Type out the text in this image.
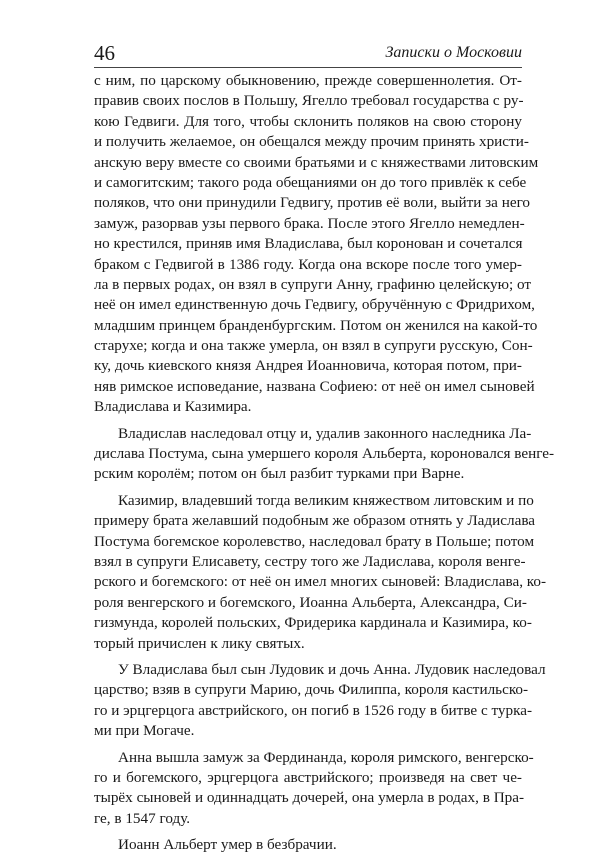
46	Записки о Московии
с ним, по царскому обыкновению, прежде совершеннолетия. От-
правив своих послов в Польшу, Ягелло требовал государства с ру-
кою Гедвиги. Для того, чтобы склонить поляков на свою сторону
и получить желаемое, он обещался между прочим принять христи-
анскую веру вместе со своими братьями и с княжествами литовским
и самогитским; такого рода обещаниями он до того привлёк к себе
поляков, что они принудили Гедвигу, против её воли, выйти за него
замуж, разорвав узы первого брака. После этого Ягелло немедлен-
но крестился, приняв имя Владислава, был коронован и сочетался
браком с Гедвигой в 1386 году. Когда она вскоре после того умер-
ла в первых родах, он взял в супруги Анну, графиню целейскую; от
неё он имел единственную дочь Гедвигу, обручённую с Фридрихом,
младшим принцем бранденбургским. Потом он женился на какой-то
старухе; когда и она также умерла, он взял в супруги русскую, Сон-
ку, дочь киевского князя Андрея Иоанновича, которая потом, при-
няв римское исповедание, названа Софиею: от неё он имел сыновей
Владислава и Казимира.
Владислав наследовал отцу и, удалив законного наследника Ла-
дислава Постума, сына умершего короля Альберта, короновался венге-
рским королём; потом он был разбит турками при Варне.
Казимир, владевший тогда великим княжеством литовским и по
примеру брата желавший подобным же образом отнять у Ладислава
Постума богемское королевство, наследовал брату в Польше; потом
взял в супруги Елисавету, сестру того же Ладислава, короля венге-
рского и богемского: от неё он имел многих сыновей: Владислава, ко-
роля венгерского и богемского, Иоанна Альберта, Александра, Си-
гизмунда, королей польских, Фридерика кардинала и Казимира, ко-
торый причислен к лику святых.
У Владислава был сын Лудовик и дочь Анна. Лудовик наследовал
царство; взяв в супруги Марию, дочь Филиппа, короля кастильско-
го и эрцгерцога австрийского, он погиб в 1526 году в битве с турка-
ми при Могаче.
Анна вышла замуж за Фердинанда, короля римского, венгерско-
го и богемского, эрцгерцога австрийского; произведя на свет че-
тырёх сыновей и одиннадцать дочерей, она умерла в родах, в Пра-
ге, в 1547 году.
Иоанн Альберт умер в безбрачии.
